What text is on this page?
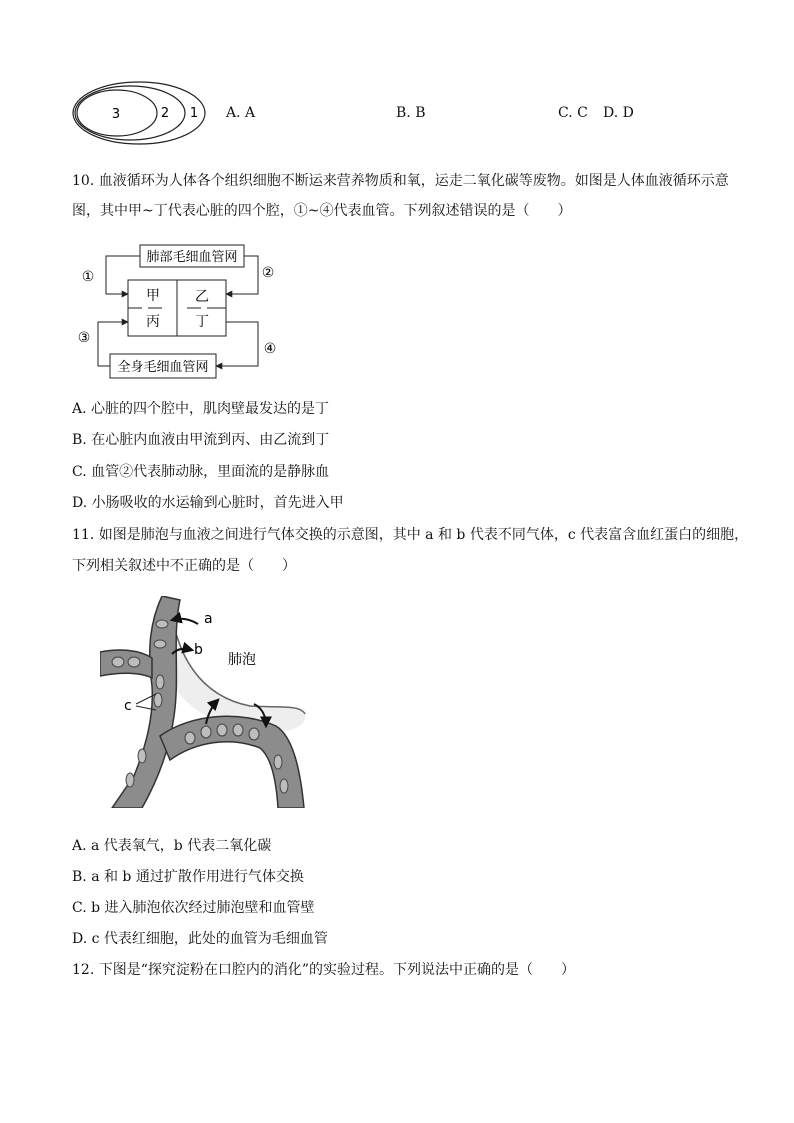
3	2 1 A. A	B. B	C. C D. D
10. 血液循环为人体各个组织细胞不断运来营养物质和氧，运走二氧化碳等废物。如图是人体血液循环示意
图，其中甲~丁代表心脏的四个腔，①~④代表血管。下列叙述错误的是（　　）
肺部毛细血管网
甲	乙
丙	丁
全身毛细血管网
①	②
③
④
A. 心脏的四个腔中，肌肉壁最发达的是丁
B. 在心脏内血液由甲流到丙、由乙流到丁
C. 血管②代表肺动脉，里面流的是静脉血
D. 小肠吸收的水运输到心脏时，首先进入甲
11. 如图是肺泡与血液之间进行气体交换的示意图，其中 a 和 b 代表不同气体，c 代表富含血红蛋白的细胞，
下列相关叙述中不正确的是（　　）
a
b
c
肺泡
A. a 代表氧气，b 代表二氧化碳
B. a 和 b 通过扩散作用进行气体交换
C. b 进入肺泡依次经过肺泡壁和血管壁
D. c 代表红细胞，此处的血管为毛细血管
12. 下图是“探究淀粉在口腔内的消化”的实验过程。下列说法中正确的是（　　）
